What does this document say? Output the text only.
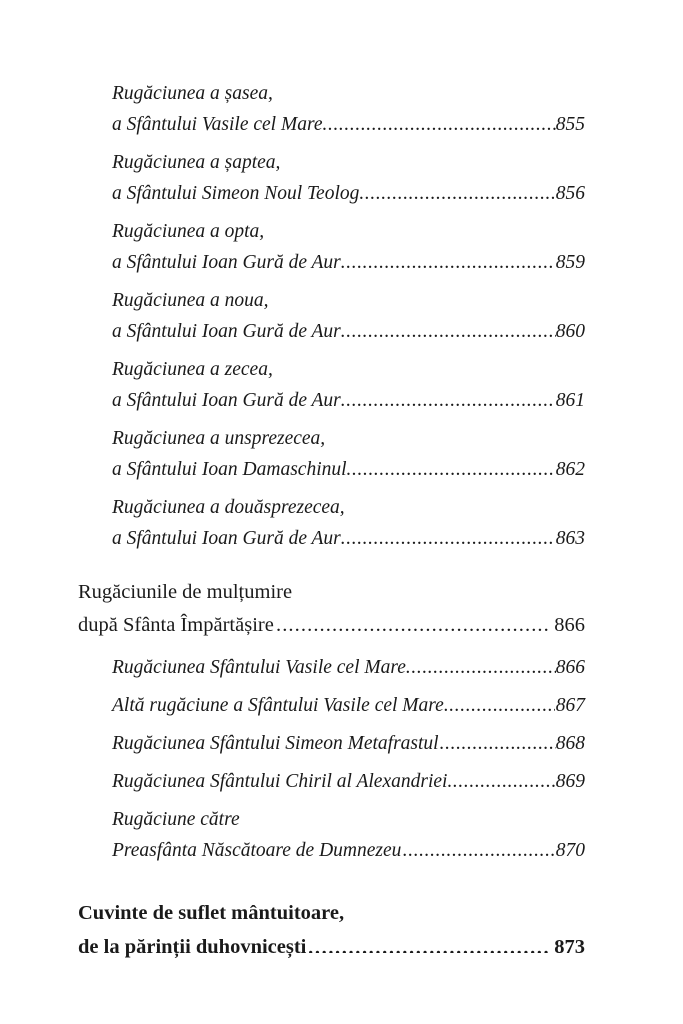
Rugăciunea a șasea,
a Sfântului Vasile cel Mare .....	855
Rugăciunea a șaptea,
a Sfântului Simeon Noul Teolog .....	856
Rugăciunea a opta,
a Sfântului Ioan Gură de Aur .....	859
Rugăciunea a noua,
a Sfântului Ioan Gură de Aur .....	860
Rugăciunea a zecea,
a Sfântului Ioan Gură de Aur .....	861
Rugăciunea a unsprezecea,
a Sfântului Ioan Damaschinul .....	862
Rugăciunea a douăsprezecea,
a Sfântului Ioan Gură de Aur .....	863
Rugăciunile de mulțumire
după Sfânta Împărtășire .....	866
Rugăciunea Sfântului Vasile cel Mare .....	866
Altă rugăciune a Sfântului Vasile cel Mare .....	867
Rugăciunea Sfântului Simeon Metafrastul .....	868
Rugăciunea Sfântului Chiril al Alexandriei .....	869
Rugăciune către
Preasfânta Născătoare de Dumnezeu .....	870
Cuvinte de suflet mântuitoare,
de la părinții duhovnicești .....	873
